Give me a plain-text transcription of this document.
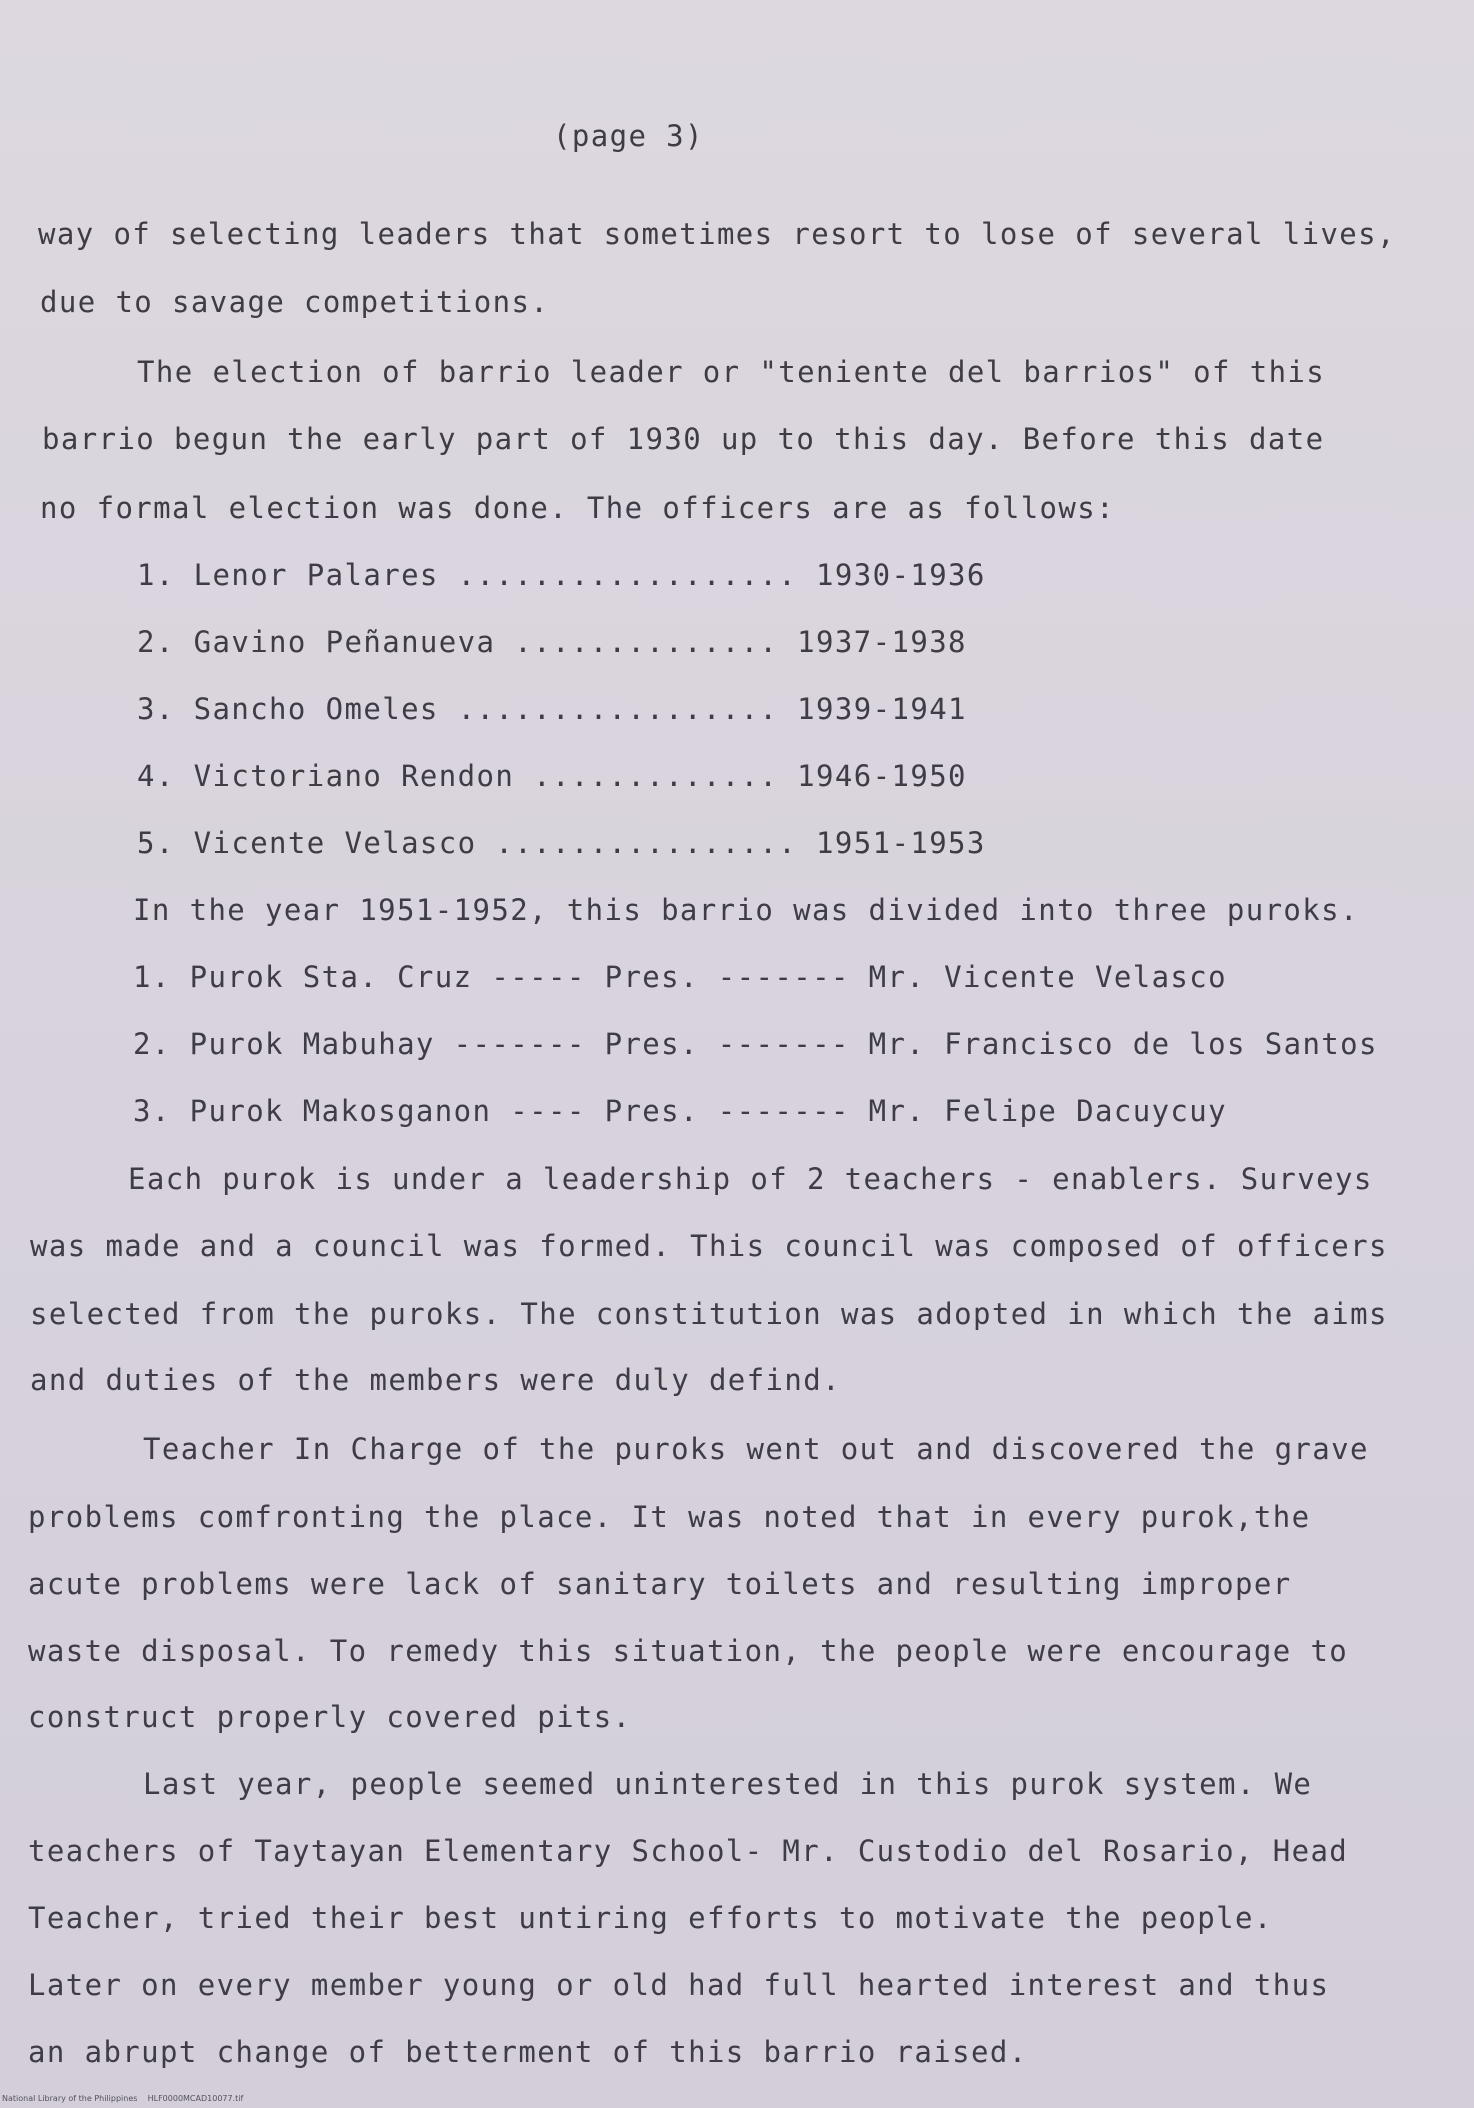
(page 3)
way of selecting leaders that sometimes resort to lose of several lives,
due to savage competitions.
The election of barrio leader or "teniente del barrios" of this
barrio begun the early part of 1930 up to this day. Before this date
no formal election was done. The officers are as follows:
1. Lenor Palares .................. 1930-1936
2. Gavino Peñanueva .............. 1937-1938
3. Sancho Omeles ................. 1939-1941
4. Victoriano Rendon ............. 1946-1950
5. Vicente Velasco ................ 1951-1953
In the year 1951-1952, this barrio was divided into three puroks.
1. Purok Sta. Cruz ----- Pres. ------- Mr. Vicente Velasco
2. Purok Mabuhay ------- Pres. ------- Mr. Francisco de los Santos
3. Purok Makosganon ---- Pres. ------- Mr. Felipe Dacuycuy
Each purok is under a leadership of 2 teachers - enablers. Surveys
was made and a council was formed. This council was composed of officers
selected from the puroks. The constitution was adopted in which the aims
and duties of the members were duly defind.
Teacher In Charge of the puroks went out and discovered the grave
problems comfronting the place. It was noted that in every purok,the
acute problems were lack of sanitary toilets and resulting improper
waste disposal. To remedy this situation, the people were encourage to
construct properly covered pits.
Last year, people seemed uninterested in this purok system. We
teachers of Taytayan Elementary School- Mr. Custodio del Rosario, Head
Teacher, tried their best untiring efforts to motivate the people.
Later on every member young or old had full hearted interest and thus
an abrupt change of betterment of this barrio raised.
National Library of the Philippines    HLF0000MCAD10077.tif
